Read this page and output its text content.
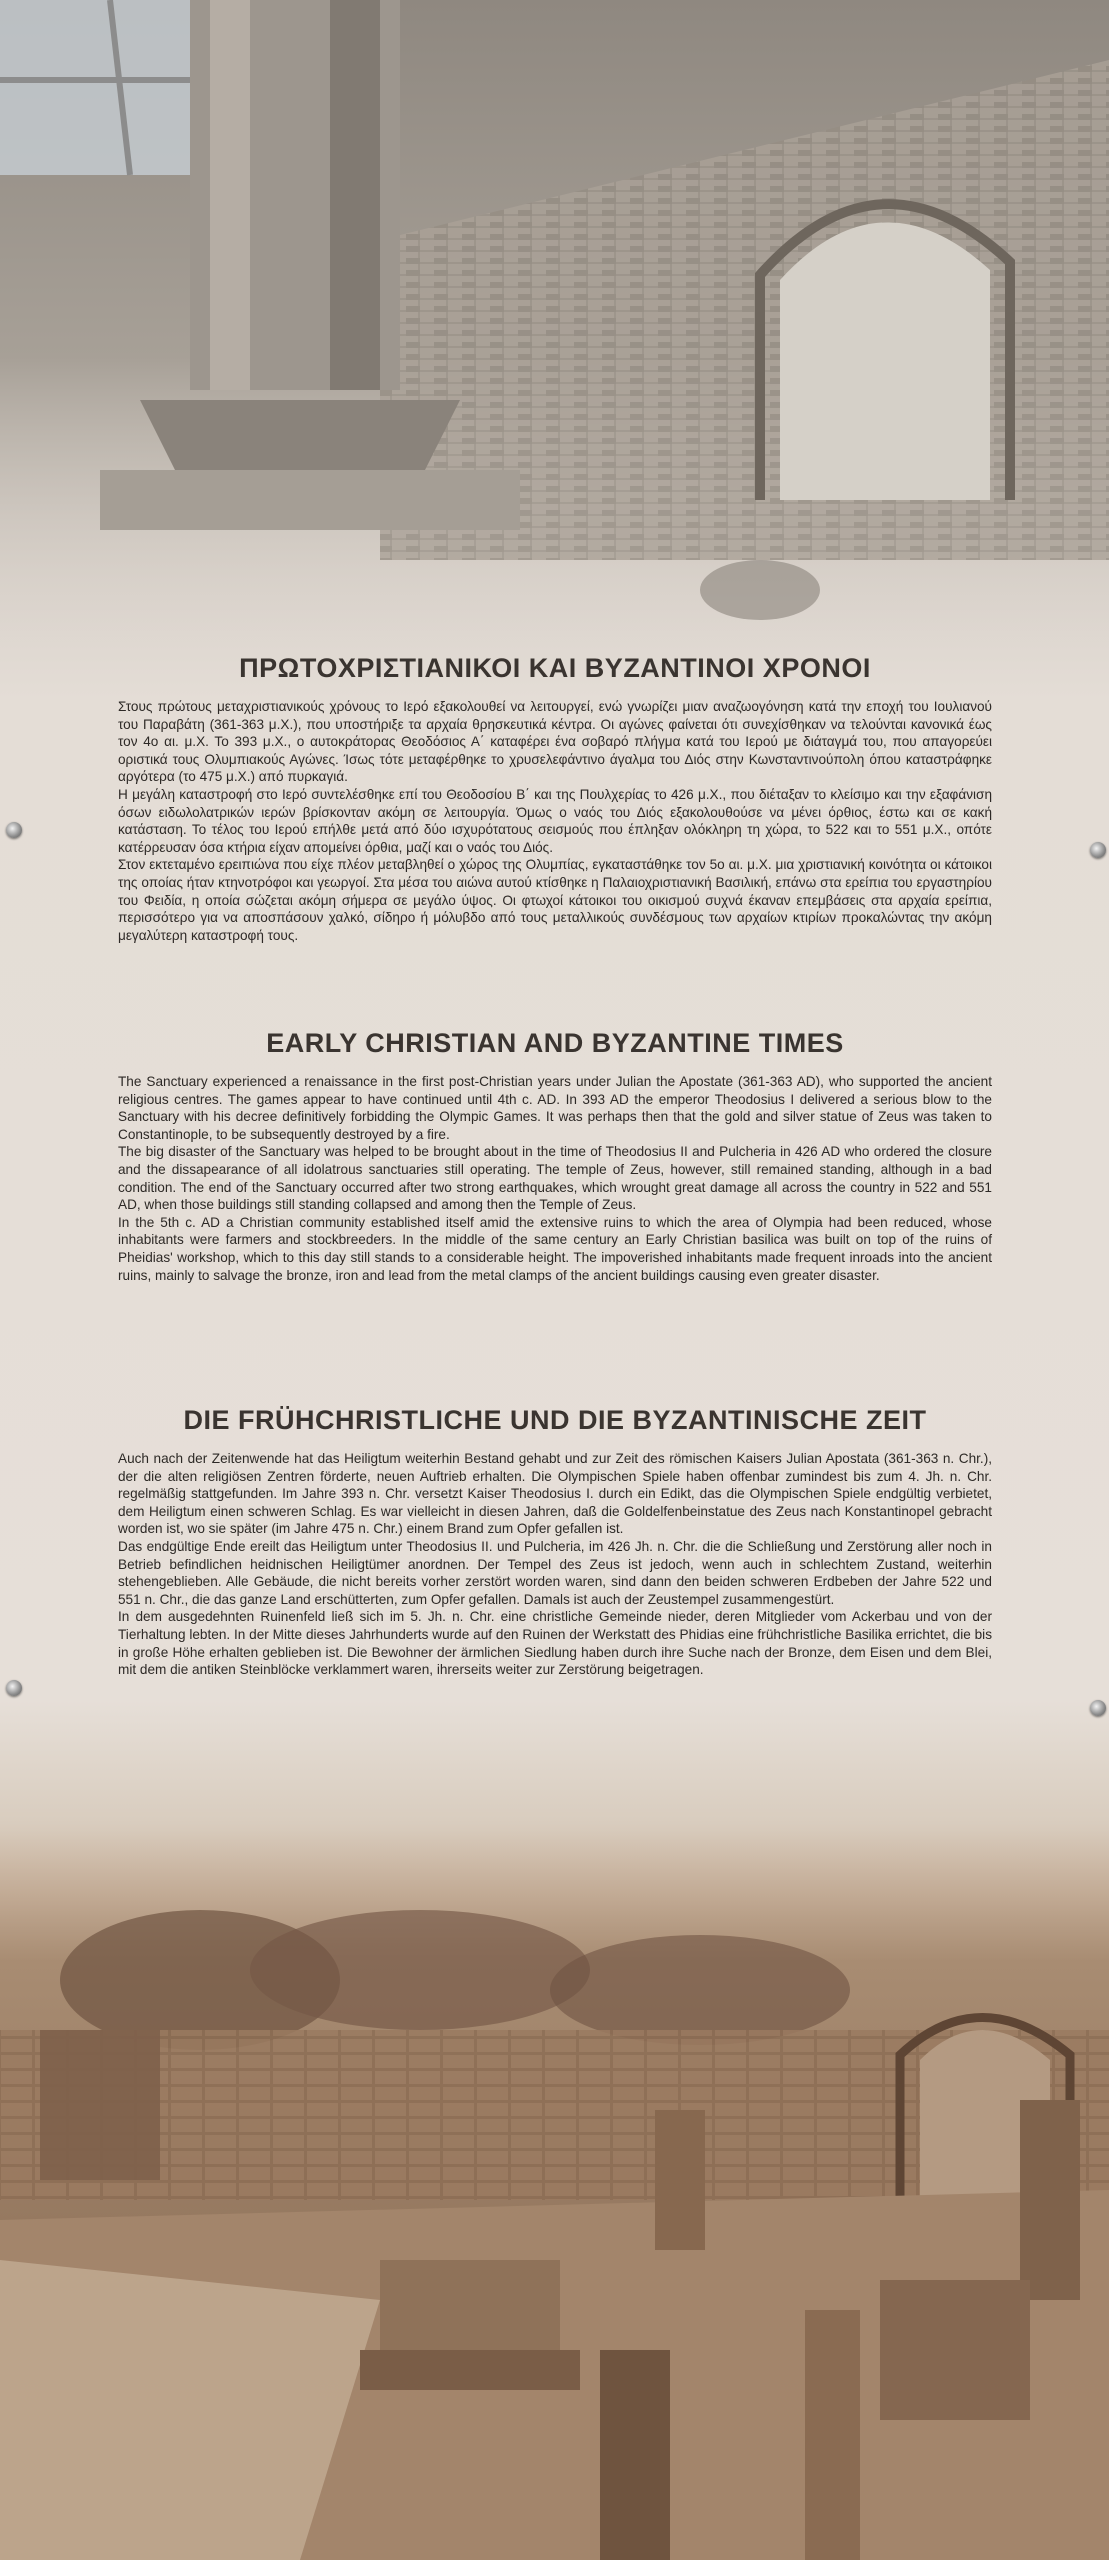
ΠΡΩΤΟΧΡΙΣΤΙΑΝΙΚΟΙ ΚΑΙ ΒΥΖΑΝΤΙΝΟΙ ΧΡΟΝΟΙ

Στους πρώτους μεταχριστιανικούς χρόνους το Ιερό εξακολουθεί να λειτουργεί, ενώ γνωρίζει μιαν αναζωογόνηση κατά την εποχή του Ιουλιανού του Παραβάτη (361-363 μ.Χ.), που υποστήριξε τα αρχαία θρησκευτικά κέντρα. Οι αγώνες φαίνεται ότι συνεχίσθηκαν να τελούνται κανονικά έως τον 4ο αι. μ.Χ. Το 393 μ.Χ., ο αυτοκράτορας Θεοδόσιος Α΄ καταφέρει ένα σοβαρό πλήγμα κατά του Ιερού με διάταγμά του, που απαγορεύει οριστικά τους Ολυμπιακούς Αγώνες. Ίσως τότε μεταφέρθηκε το χρυσελεφάντινο άγαλμα του Διός στην Κωνσταντινούπολη όπου καταστράφηκε αργότερα (το 475 μ.Χ.) από πυρκαγιά.

Η μεγάλη καταστροφή στο Ιερό συντελέσθηκε επί του Θεοδοσίου Β΄ και της Πουλχερίας το 426 μ.Χ., που διέταξαν το κλείσιμο και την εξαφάνιση όσων ειδωλολατρικών ιερών βρίσκονταν ακόμη σε λειτουργία. Όμως ο ναός του Διός εξακολουθούσε να μένει όρθιος, έστω και σε κακή κατάσταση. Το τέλος του Ιερού επήλθε μετά από δύο ισχυρότατους σεισμούς που έπληξαν ολόκληρη τη χώρα, το 522 και το 551 μ.Χ., οπότε κατέρρευσαν όσα κτήρια είχαν απομείνει όρθια, μαζί και ο ναός του Διός.

Στον εκτεταμένο ερειπιώνα που είχε πλέον μεταβληθεί ο χώρος της Ολυμπίας, εγκαταστάθηκε τον 5ο αι. μ.Χ. μια χριστιανική κοινότητα οι κάτοικοι της οποίας ήταν κτηνοτρόφοι και γεωργοί. Στα μέσα του αιώνα αυτού κτίσθηκε η Παλαιοχριστιανική Βασιλική, επάνω στα ερείπια του εργαστηρίου του Φειδία, η οποία σώζεται ακόμη σήμερα σε μεγάλο ύψος. Οι φτωχοί κάτοικοι του οικισμού συχνά έκαναν επεμβάσεις στα αρχαία ερείπια, περισσότερο για να αποσπάσουν χαλκό, σίδηρο ή μόλυβδο από τους μεταλλικούς συνδέσμους των αρχαίων κτιρίων προκαλώντας την ακόμη μεγαλύτερη καταστροφή τους.

EARLY CHRISTIAN AND BYZANTINE TIMES

The Sanctuary experienced a renaissance in the first post-Christian years under Julian the Apostate (361-363 AD), who supported the ancient religious centres. The games appear to have continued until 4th c. AD. In 393 AD the emperor Theodosius I delivered a serious blow to the Sanctuary with his decree definitively forbidding the Olympic Games. It was perhaps then that the gold and silver statue of Zeus was taken to Constantinople, to be subsequently destroyed by a fire.

The big disaster of the Sanctuary was helped to be brought about in the time of Theodosius II and Pulcheria in 426 AD who ordered the closure and the dissapearance of all idolatrous sanctuaries still operating. The temple of Zeus, however, still remained standing, although in a bad condition. The end of the Sanctuary occurred after two strong earthquakes, which wrought great damage all across the country in 522 and 551 AD, when those buildings still standing collapsed and among then the Temple of Zeus.

In the 5th c. AD a Christian community established itself amid the extensive ruins to which the area of Olympia had been reduced, whose inhabitants were farmers and stockbreeders. In the middle of the same century an Early Christian basilica was built on top of the ruins of Pheidias' workshop, which to this day still stands to a considerable height. The impoverished inhabitants made frequent inroads into the ancient ruins, mainly to salvage the bronze, iron and lead from the metal clamps of the ancient buildings causing even greater disaster.

DIE FRÜHCHRISTLICHE UND DIE BYZANTINISCHE ZEIT

Auch nach der Zeitenwende hat das Heiligtum weiterhin Bestand gehabt und zur Zeit des römischen Kaisers Julian Apostata (361-363 n. Chr.), der die alten religiösen Zentren förderte, neuen Auftrieb erhalten. Die Olympischen Spiele haben offenbar zumindest bis zum 4. Jh. n. Chr. regelmäßig stattgefunden. Im Jahre 393 n. Chr. versetzt Kaiser Theodosius I. durch ein Edikt, das die Olympischen Spiele endgültig verbietet, dem Heiligtum einen schweren Schlag. Es war vielleicht in diesen Jahren, daß die Goldelfenbeinstatue des Zeus nach Konstantinopel gebracht worden ist, wo sie später (im Jahre 475 n. Chr.) einem Brand zum Opfer gefallen ist.

Das endgültige Ende ereilt das Heiligtum unter Theodosius II. und Pulcheria, im 426 Jh. n. Chr. die die Schließung und Zerstörung aller noch in Betrieb befindlichen heidnischen Heiligtümer anordnen. Der Tempel des Zeus ist jedoch, wenn auch in schlechtem Zustand, weiterhin stehengeblieben. Alle Gebäude, die nicht bereits vorher zerstört worden waren, sind dann den beiden schweren Erdbeben der Jahre 522 und 551 n. Chr., die das ganze Land erschütterten, zum Opfer gefallen. Damals ist auch der Zeustempel zusammengestürt.

In dem ausgedehnten Ruinenfeld ließ sich im 5. Jh. n. Chr. eine christliche Gemeinde nieder, deren Mitglieder vom Ackerbau und von der Tierhaltung lebten. In der Mitte dieses Jahrhunderts wurde auf den Ruinen der Werkstatt des Phidias eine frühchristliche Basilika errichtet, die bis in große Höhe erhalten geblieben ist. Die Bewohner der ärmlichen Siedlung haben durch ihre Suche nach der Bronze, dem Eisen und dem Blei, mit dem die antiken Steinblöcke verklammert waren, ihrerseits weiter zur Zerstörung beigetragen.
